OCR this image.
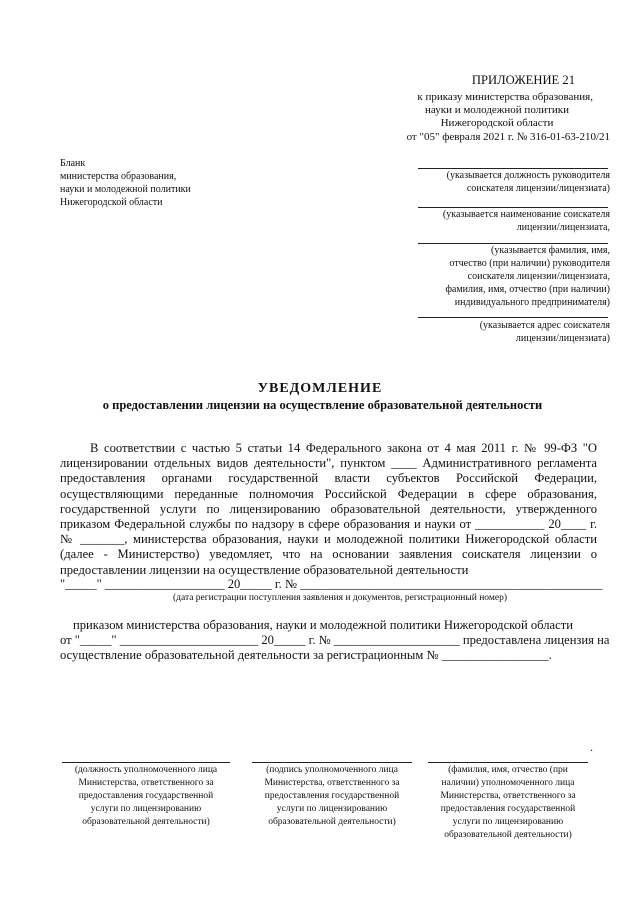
ПРИЛОЖЕНИЕ 21
к приказу министерства образования,
науки и молодежной политики
Нижегородской области
от "05" февраля 2021 г. № 316-01-63-210/21
Бланк
министерства образования,
науки и молодежной политики
Нижегородской области
(указывается должность руководителя
соискателя лицензии/лицензиата)
(указывается наименование соискателя
лицензии/лицензиата,
(указывается фамилия, имя,
отчество (при наличии) руководителя
соискателя лицензии/лицензиата,
фамилия, имя, отчество (при наличии)
индивидуального предпринимателя)
(указывается адрес соискателя
лицензии/лицензиата)
УВЕДОМЛЕНИЕ
о предоставлении лицензии на осуществление образовательной деятельности
В соответствии с частью 5 статьи 14 Федерального закона от 4 мая 2011 г. № 99-ФЗ "О лицензировании отдельных видов деятельности", пунктом ____ Административного регламента предоставления органами государственной власти субъектов Российской Федерации, осуществляющими переданные полномочия Российской Федерации в сфере образования, государственной услуги по лицензированию образовательной деятельности, утвержденного приказом Федеральной службы по надзору в сфере образования и науки от ___________ 20____ г. № _______, министерства образования, науки и молодежной политики Нижегородской области (далее - Министерство) уведомляет, что на основании заявления соискателя лицензии о предоставлении лицензии на осуществление образовательной деятельности
"_____" ___________________ 20_____ г. № ________________________________________________
(дата регистрации поступления заявления и документов, регистрационный номер)
приказом министерства образования, науки и молодежной политики Нижегородской области
от "_____" ______________________ 20_____ г. № ____________________ предоставлена лицензия на
осуществление образовательной деятельности за регистрационным № _________________.
.
(должность уполномоченного лица
Министерства, ответственного за
предоставления государственной
услуги по лицензированию
образовательной деятельности)
(подпись уполномоченного лица
Министерства, ответственного за
предоставления государственной
услуги по лицензированию
образовательной деятельности)
(фамилия, имя, отчество (при
наличии) уполномоченного лица
Министерства, ответственного за
предоставления государственной
услуги по лицензированию
образовательной деятельности)
